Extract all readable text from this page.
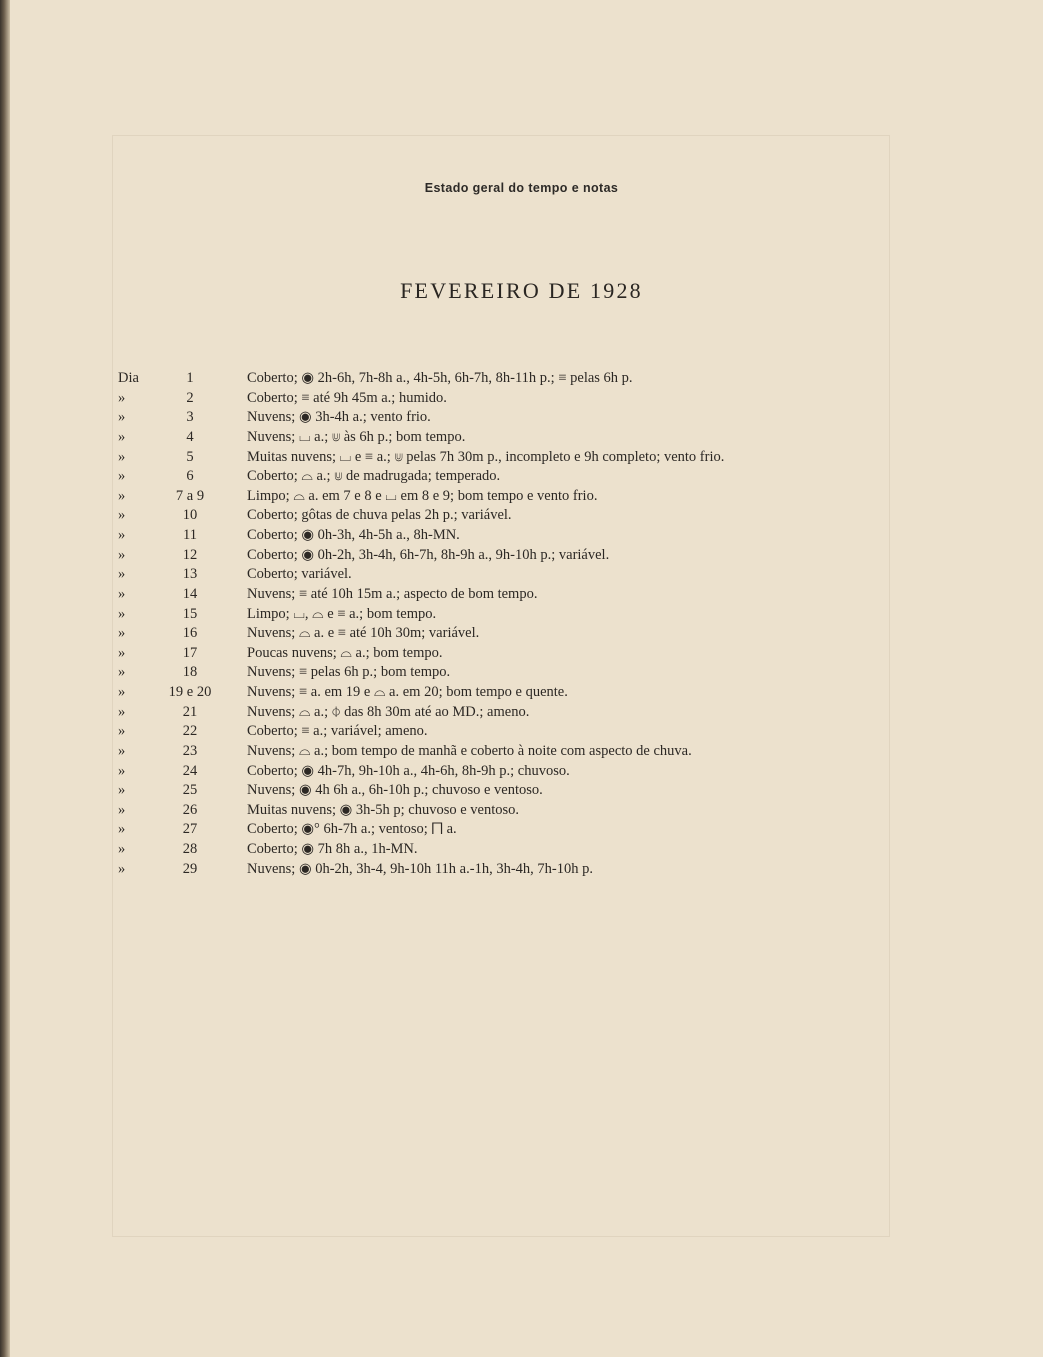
Estado geral do tempo e notas
FEVEREIRO DE 1928
Dia	1	Coberto; ◉ 2h-6h, 7h-8h a., 4h-5h, 6h-7h, 8h-11h p.; ≡ pelas 6h p.
»	2	Coberto; ≡ até 9h 45m a.; humido.
»	3	Nuvens; ◉ 3h-4h a.; vento frio.
»	4	Nuvens; ⌴ a.; ⋓ às 6h p.; bom tempo.
»	5	Muitas nuvens; ⌴ e ≡ a.; ⋓ pelas 7h 30m p., incompleto e 9h completo; vento frio.
»	6	Coberto; ⌓ a.; ⋓ de madrugada; temperado.
»	7 a 9	Limpo; ⌓ a. em 7 e 8 e ⌴ em 8 e 9; bom tempo e vento frio.
»	10	Coberto; gôtas de chuva pelas 2h p.; variável.
»	11	Coberto; ◉ 0h-3h, 4h-5h a., 8h-MN.
»	12	Coberto; ◉ 0h-2h, 3h-4h, 6h-7h, 8h-9h a., 9h-10h p.; variável.
»	13	Coberto; variável.
»	14	Nuvens; ≡ até 10h 15m a.; aspecto de bom tempo.
»	15	Limpo; ⌴, ⌓ e ≡ a.; bom tempo.
»	16	Nuvens; ⌓ a. e ≡ até 10h 30m; variável.
»	17	Poucas nuvens; ⌓ a.; bom tempo.
»	18	Nuvens; ≡ pelas 6h p.; bom tempo.
»	19 e 20	Nuvens; ≡ a. em 19 e ⌓ a. em 20; bom tempo e quente.
»	21	Nuvens; ⌓ a.; ⏀ das 8h 30m até ao MD.; ameno.
»	22	Coberto; ≡ a.; variável; ameno.
»	23	Nuvens; ⌓ a.; bom tempo de manhã e coberto à noite com aspecto de chuva.
»	24	Coberto; ◉ 4h-7h, 9h-10h a., 4h-6h, 8h-9h p.; chuvoso.
»	25	Nuvens; ◉ 4h 6h a., 6h-10h p.; chuvoso e ventoso.
»	26	Muitas nuvens; ◉ 3h-5h p; chuvoso e ventoso.
»	27	Coberto; ◉° 6h-7h a.; ventoso; ⨅ a.
»	28	Coberto; ◉ 7h 8h a., 1h-MN.
»	29	Nuvens; ◉ 0h-2h, 3h-4, 9h-10h 11h a.-1h, 3h-4h, 7h-10h p.
